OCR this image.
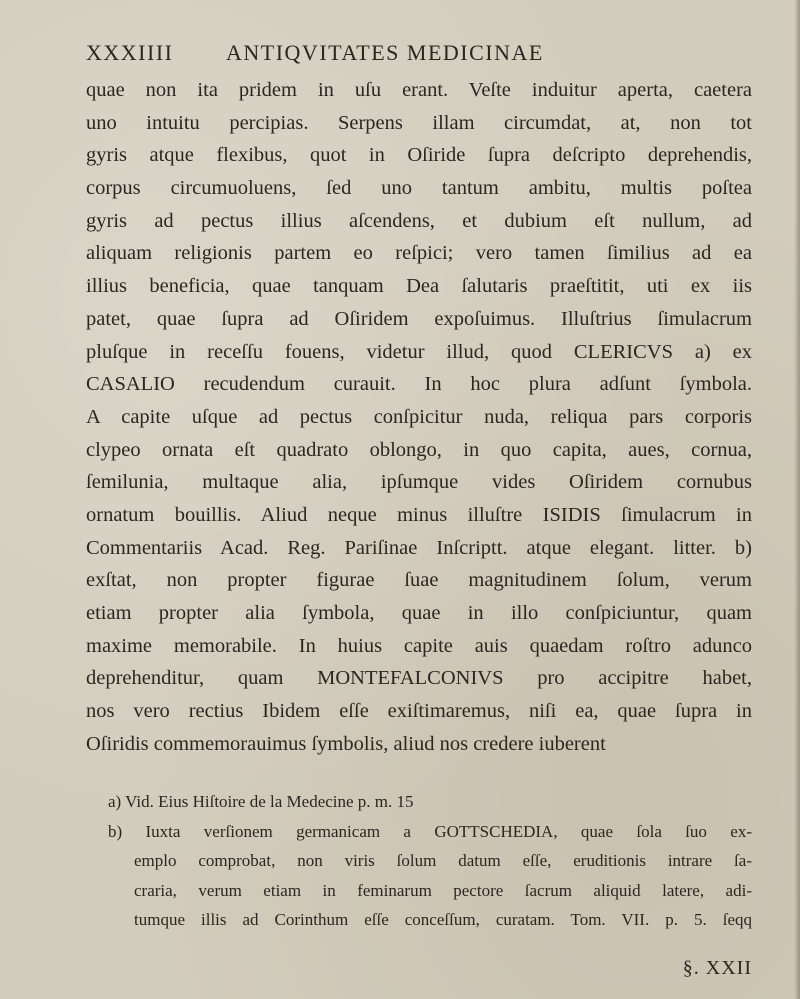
XXXIIII ANTIQVITATES MEDICINAE
quae non ita pridem in uſu erant. Veſte induitur aperta, caetera
uno intuitu percipias. Serpens illam circumdat, at, non tot
gyris atque flexibus, quot in Oſiride ſupra deſcripto deprehendis,
corpus circumuoluens, ſed uno tantum ambitu, multis poſtea
gyris ad pectus illius aſcendens, et dubium eſt nullum, ad
aliquam religionis partem eo reſpici; vero tamen ſimilius ad ea
illius beneficia, quae tanquam Dea ſalutaris praeſtitit, uti ex iis
patet, quae ſupra ad Oſiridem expoſuimus. Illuſtrius ſimulacrum
pluſque in receſſu fouens, videtur illud, quod CLERICVS a) ex
CASALIO recudendum curauit. In hoc plura adſunt ſymbola.
A capite uſque ad pectus conſpicitur nuda, reliqua pars corporis
clypeo ornata eſt quadrato oblongo, in quo capita, aues, cornua,
ſemilunia, multaque alia, ipſumque vides Oſiridem cornubus
ornatum bouillis. Aliud neque minus illuſtre ISIDIS ſimulacrum in
Commentariis Acad. Reg. Pariſinae Inſcriptt. atque elegant. litter. b)
exſtat, non propter figurae ſuae magnitudinem ſolum, verum
etiam propter alia ſymbola, quae in illo conſpiciuntur, quam
maxime memorabile. In huius capite auis quaedam roſtro adunco
deprehenditur, quam MONTEFALCONIVS pro accipitre habet,
nos vero rectius Ibidem eſſe exiſtimaremus, niſi ea, quae ſupra in
Oſiridis commemorauimus ſymbolis, aliud nos credere iuberent
a) Vid. Eius Hiſtoire de la Medecine p. m. 15
b) Iuxta verſionem germanicam a GOTTSCHEDIA, quae ſola ſuo ex-
emplo comprobat, non viris ſolum datum eſſe, eruditionis intrare ſa-
craria, verum etiam in feminarum pectore ſacrum aliquid latere, adi-
tumque illis ad Corinthum eſſe conceſſum, curatam. Tom. VII. p. 5. ſeqq
§. XXII
